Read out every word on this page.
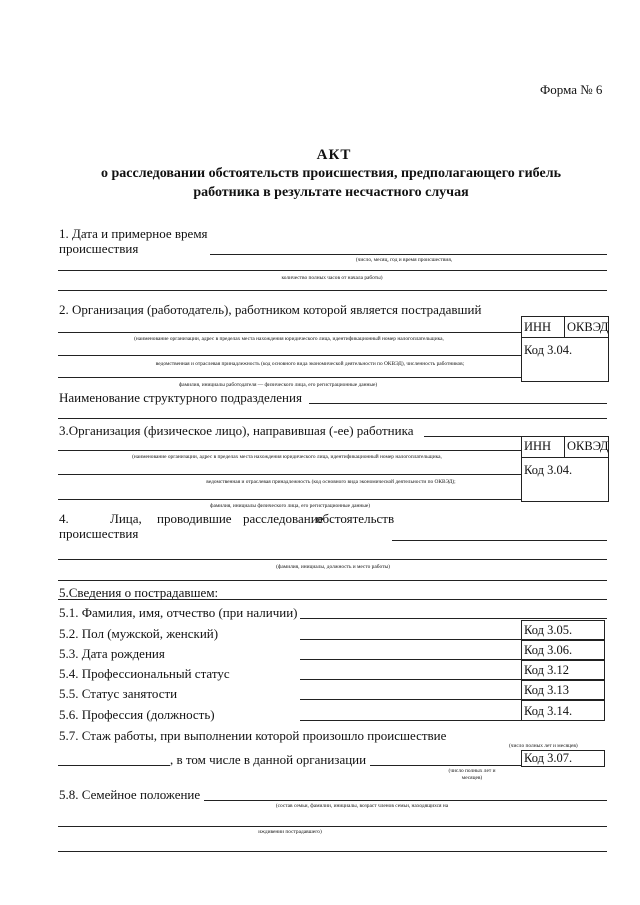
Форма № 6
АКТ
о расследовании обстоятельств происшествия, предполагающего гибель
работника в результате несчастного случая
1. Дата и примерное время
происшествия
(число, месяц, год и время происшествия,
количество полных часов от начала работы)
2. Организация (работодатель), работником которой является пострадавший
ИНН ОКВЭД
Код 3.04.
(наименование организации, адрес в пределах места нахождения юридического лица, идентификационный номер налогоплательщика,
ведомственная и отраслевая принадлежность (код основного вида экономической деятельности по ОКВЭД), численность работников;
фамилия, инициалы работодателя — физического лица, его регистрационные данные)
Наименование структурного подразделения
3.Организация (физическое лицо), направившая (-ее) работника
ИНН ОКВЭД
Код 3.04.
(наименование организации, адрес в пределах места нахождения юридического лица, идентификационный номер налогоплательщика,
ведомственная и отраслевая принадлежность (код основного вида экономической деятельности по ОКВЭД);
фамилия, инициалы физического лица, его регистрационные данные)
4.	Лица, проводившие расследование
обстоятельств
происшествия
(фамилия, инициалы, должность и место работы)
5.Сведения о пострадавшем:
5.1. Фамилия, имя, отчество (при наличии)
5.2. Пол (мужской, женский)	Код 3.05.
5.3. Дата рождения	Код 3.06.
5.4. Профессиональный статус	Код 3.12
5.5. Статус занятости	Код 3.13
5.6. Профессия (должность)	Код 3.14.
5.7. Стаж работы, при выполнении которой произошло происшествие
(число полных лет и месяцев)
, в том числе в данной организации	Код 3.07.
(число полных лет и
месяцев)
5.8. Семейное положение
(состав семьи, фамилии, инициалы, возраст членов семьи, находящихся на
иждивении пострадавшего)
